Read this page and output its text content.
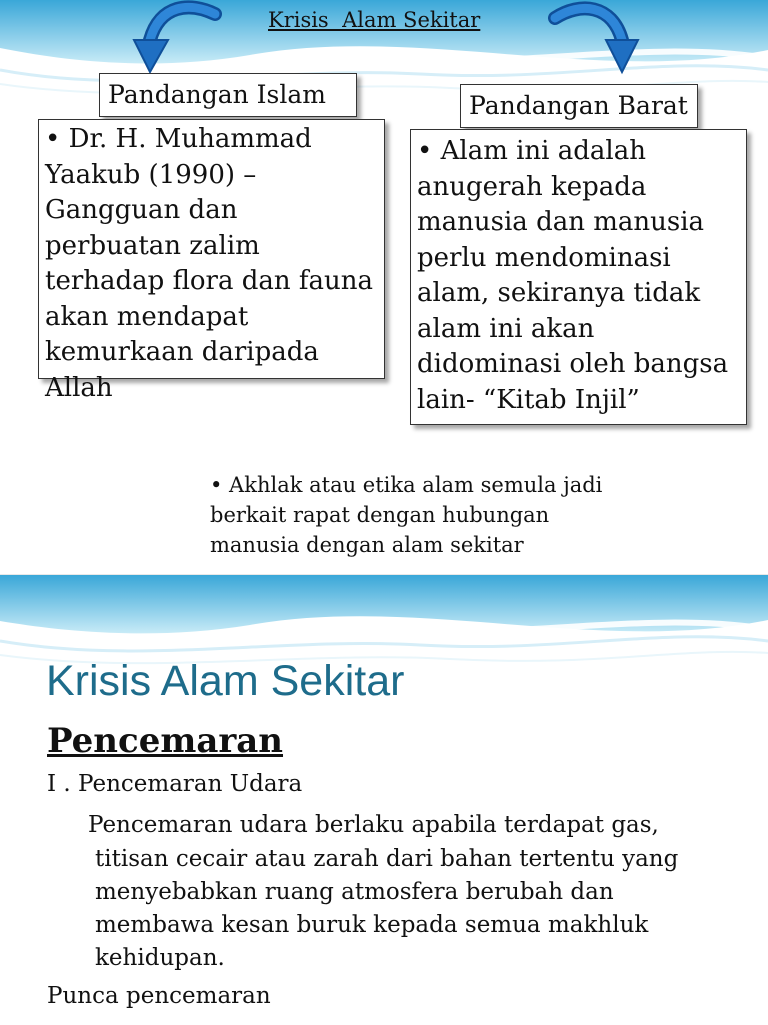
Krisis  Alam Sekitar
Pandangan Islam	Pandangan Barat
• Dr. H. Muhammad Yaakub (1990) – Gangguan dan perbuatan zalim terhadap flora dan fauna akan mendapat kemurkaan daripada Allah
• Alam ini adalah anugerah kepada manusia dan manusia perlu mendominasi alam, sekiranya tidak alam ini akan didominasi oleh bangsa lain- “Kitab Injil”
• Akhlak atau etika alam semula jadi berkait rapat dengan hubungan manusia dengan alam sekitar
Krisis Alam Sekitar
Pencemaran
I . Pencemaran Udara
Pencemaran udara berlaku apabila terdapat gas,
titisan cecair atau zarah dari bahan tertentu yang menyebabkan ruang atmosfera berubah dan membawa kesan buruk kepada semua makhluk kehidupan.
Punca pencemaran
